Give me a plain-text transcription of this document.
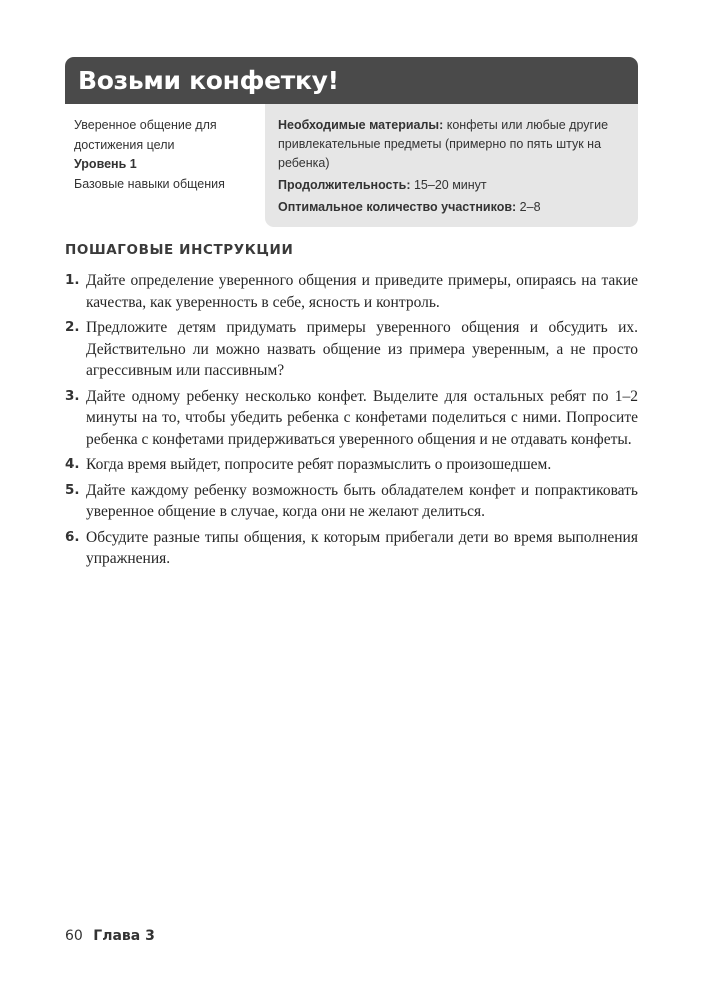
Возьми конфетку!
Уверенное общение для достижения цели
Уровень 1
Базовые навыки общения

Необходимые материалы: конфеты или любые другие привлекательные предметы (примерно по пять штук на ребенка)

Продолжительность: 15–20 минут

Оптимальное количество участников: 2–8

ПОШАГОВЫЕ ИНСТРУКЦИИ
1. Дайте определение уверенного общения и приведите примеры, опираясь на такие качества, как уверенность в себе, ясность и контроль.
2. Предложите детям придумать примеры уверенного общения и обсудить их. Действительно ли можно назвать общение из примера уверенным, а не просто агрессивным или пассивным?
3. Дайте одному ребенку несколько конфет. Выделите для остальных ребят по 1–2 минуты на то, чтобы убедить ребенка с конфетами поделиться с ними. Попросите ребенка с конфетами придерживаться уверенного общения и не отдавать конфеты.
4. Когда время выйдет, попросите ребят поразмыслить о произошедшем.
5. Дайте каждому ребенку возможность быть обладателем конфет и попрактиковать уверенное общение в случае, когда они не желают делиться.
6. Обсудите разные типы общения, к которым прибегали дети во время выполнения упражнения.
60 Глава 3
